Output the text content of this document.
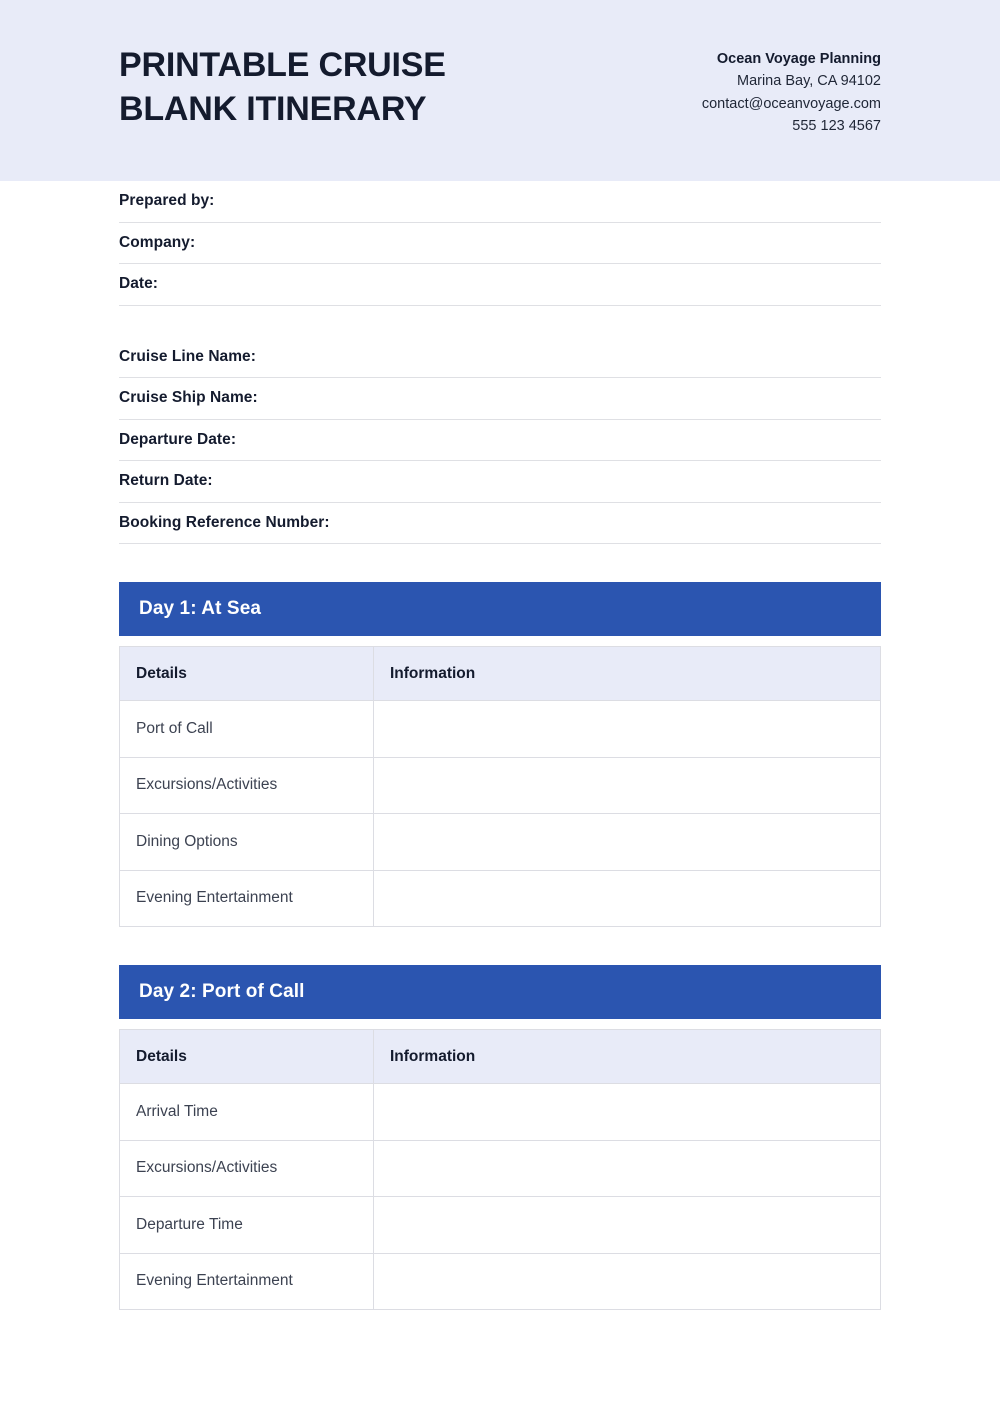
PRINTABLE CRUISE BLANK ITINERARY

Ocean Voyage Planning

Marina Bay, CA 94102

contact@oceanvoyage.com

555 123 4567

Prepared by:
Company:
Date:
Cruise Line Name:
Cruise Ship Name:
Departure Date:
Return Date:
Booking Reference Number:
Day 1: At Sea
Details	Information
Port of Call	
Excursions/Activities	
Dining Options	
Evening Entertainment	
Day 2: Port of Call
Details	Information
Arrival Time	
Excursions/Activities	
Departure Time	
Evening Entertainment	
